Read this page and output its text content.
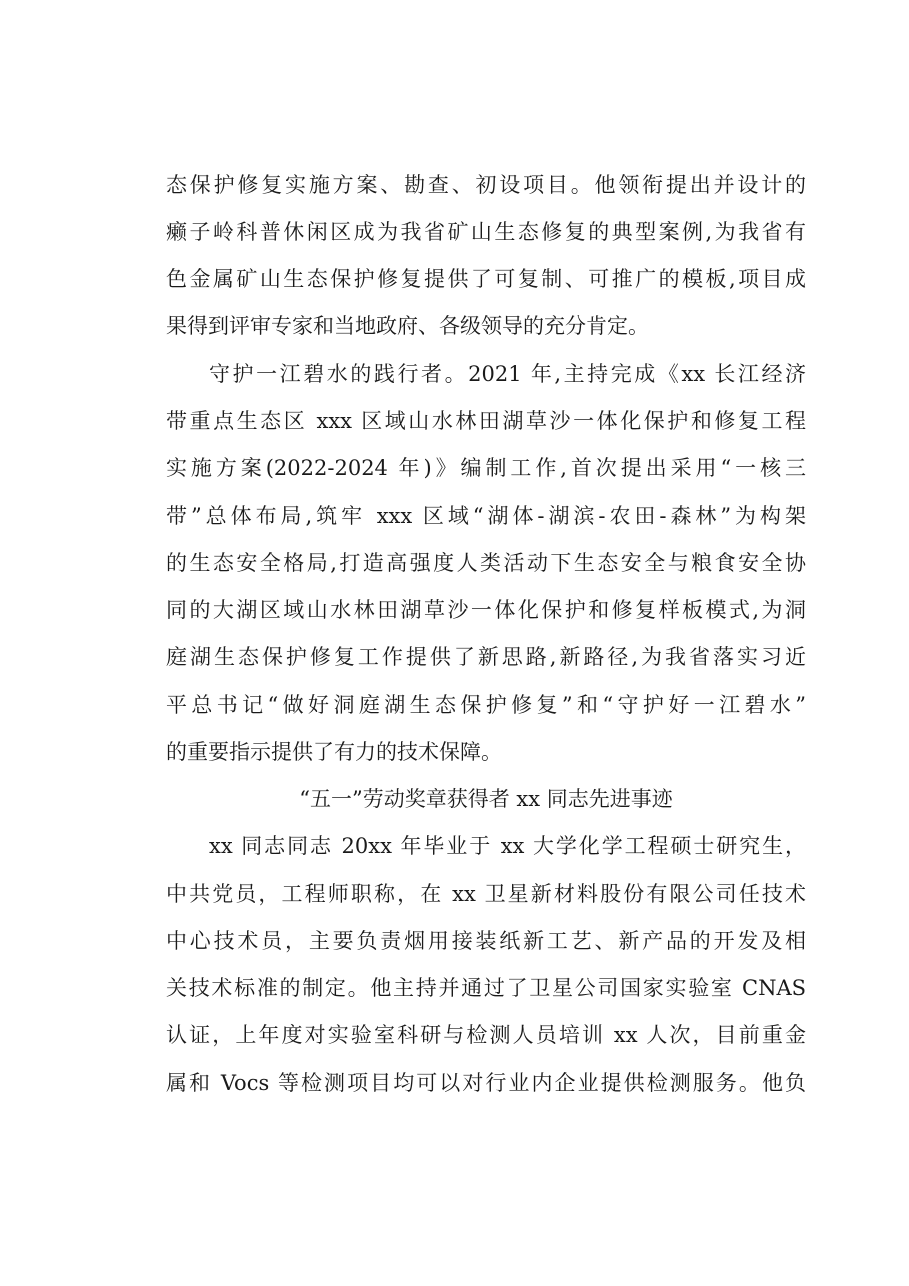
态保护修复实施方案、勘查、初设项目。他领衔提出并设计的
癞子岭科普休闲区成为我省矿山生态修复的典型案例,为我省有
色金属矿山生态保护修复提供了可复制、可推广的模板,项目成
果得到评审专家和当地政府、各级领导的充分肯定。
守护一江碧水的践行者。2021 年,主持完成《xx 长江经济
带重点生态区 xxx 区域山水林田湖草沙一体化保护和修复工程
实施方案(2022-2024 年)》编制工作,首次提出采用“一核三
带”总体布局,筑牢 xxx 区域“湖体-湖滨-农田-森林”为构架
的生态安全格局,打造高强度人类活动下生态安全与粮食安全协
同的大湖区域山水林田湖草沙一体化保护和修复样板模式,为洞
庭湖生态保护修复工作提供了新思路,新路径,为我省落实习近
平总书记“做好洞庭湖生态保护修复”和“守护好一江碧水”
的重要指示提供了有力的技术保障。
“五一”劳动奖章获得者 xx 同志先进事迹
xx 同志同志 20xx 年毕业于 xx 大学化学工程硕士研究生，
中共党员，工程师职称，在 xx 卫星新材料股份有限公司任技术
中心技术员，主要负责烟用接装纸新工艺、新产品的开发及相
关技术标准的制定。他主持并通过了卫星公司国家实验室 CNAS
认证，上年度对实验室科研与检测人员培训 xx 人次，目前重金
属和 Vocs 等检测项目均可以对行业内企业提供检测服务。他负
